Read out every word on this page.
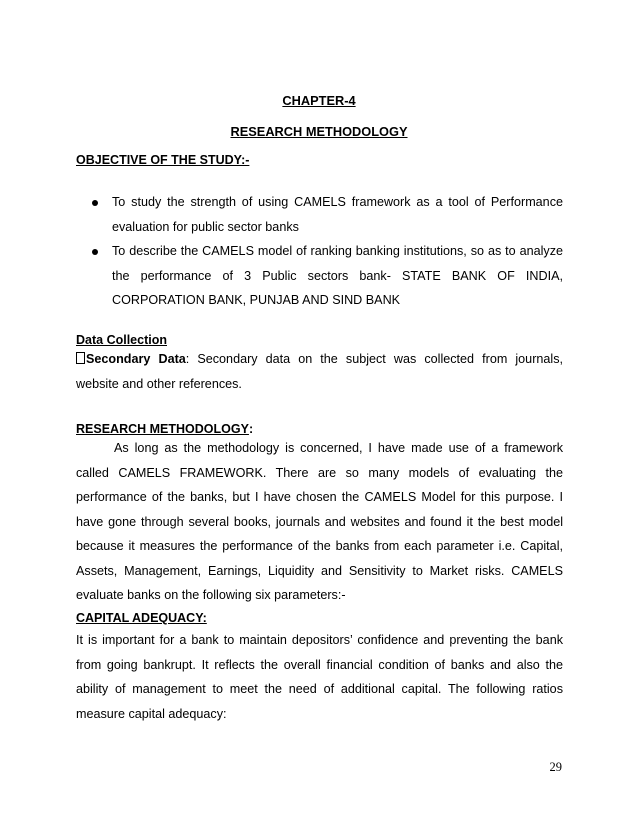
CHAPTER-4
RESEARCH METHODOLOGY
OBJECTIVE OF THE STUDY:-
To study the strength of using CAMELS framework as a tool of Performance evaluation for public sector banks
To describe the CAMELS model of ranking banking institutions, so as to analyze the performance of 3 Public sectors bank- STATE BANK OF INDIA, CORPORATION BANK, PUNJAB AND SIND BANK
Data Collection
Secondary Data: Secondary data on the subject was collected from journals, website and other references.
RESEARCH METHODOLOGY:
As long as the methodology is concerned, I have made use of a framework called CAMELS FRAMEWORK. There are so many models of evaluating the performance of the banks, but I have chosen the CAMELS Model for this purpose. I have gone through several books, journals and websites and found it the best model because it measures the performance of the banks from each parameter i.e. Capital, Assets, Management, Earnings, Liquidity and Sensitivity to Market risks. CAMELS evaluate banks on the following six parameters:-
CAPITAL ADEQUACY:
It is important for a bank to maintain depositors’ confidence and preventing the bank from going bankrupt. It reflects the overall financial condition of banks and also the ability of management to meet the need of additional capital. The following ratios measure capital adequacy:
29
